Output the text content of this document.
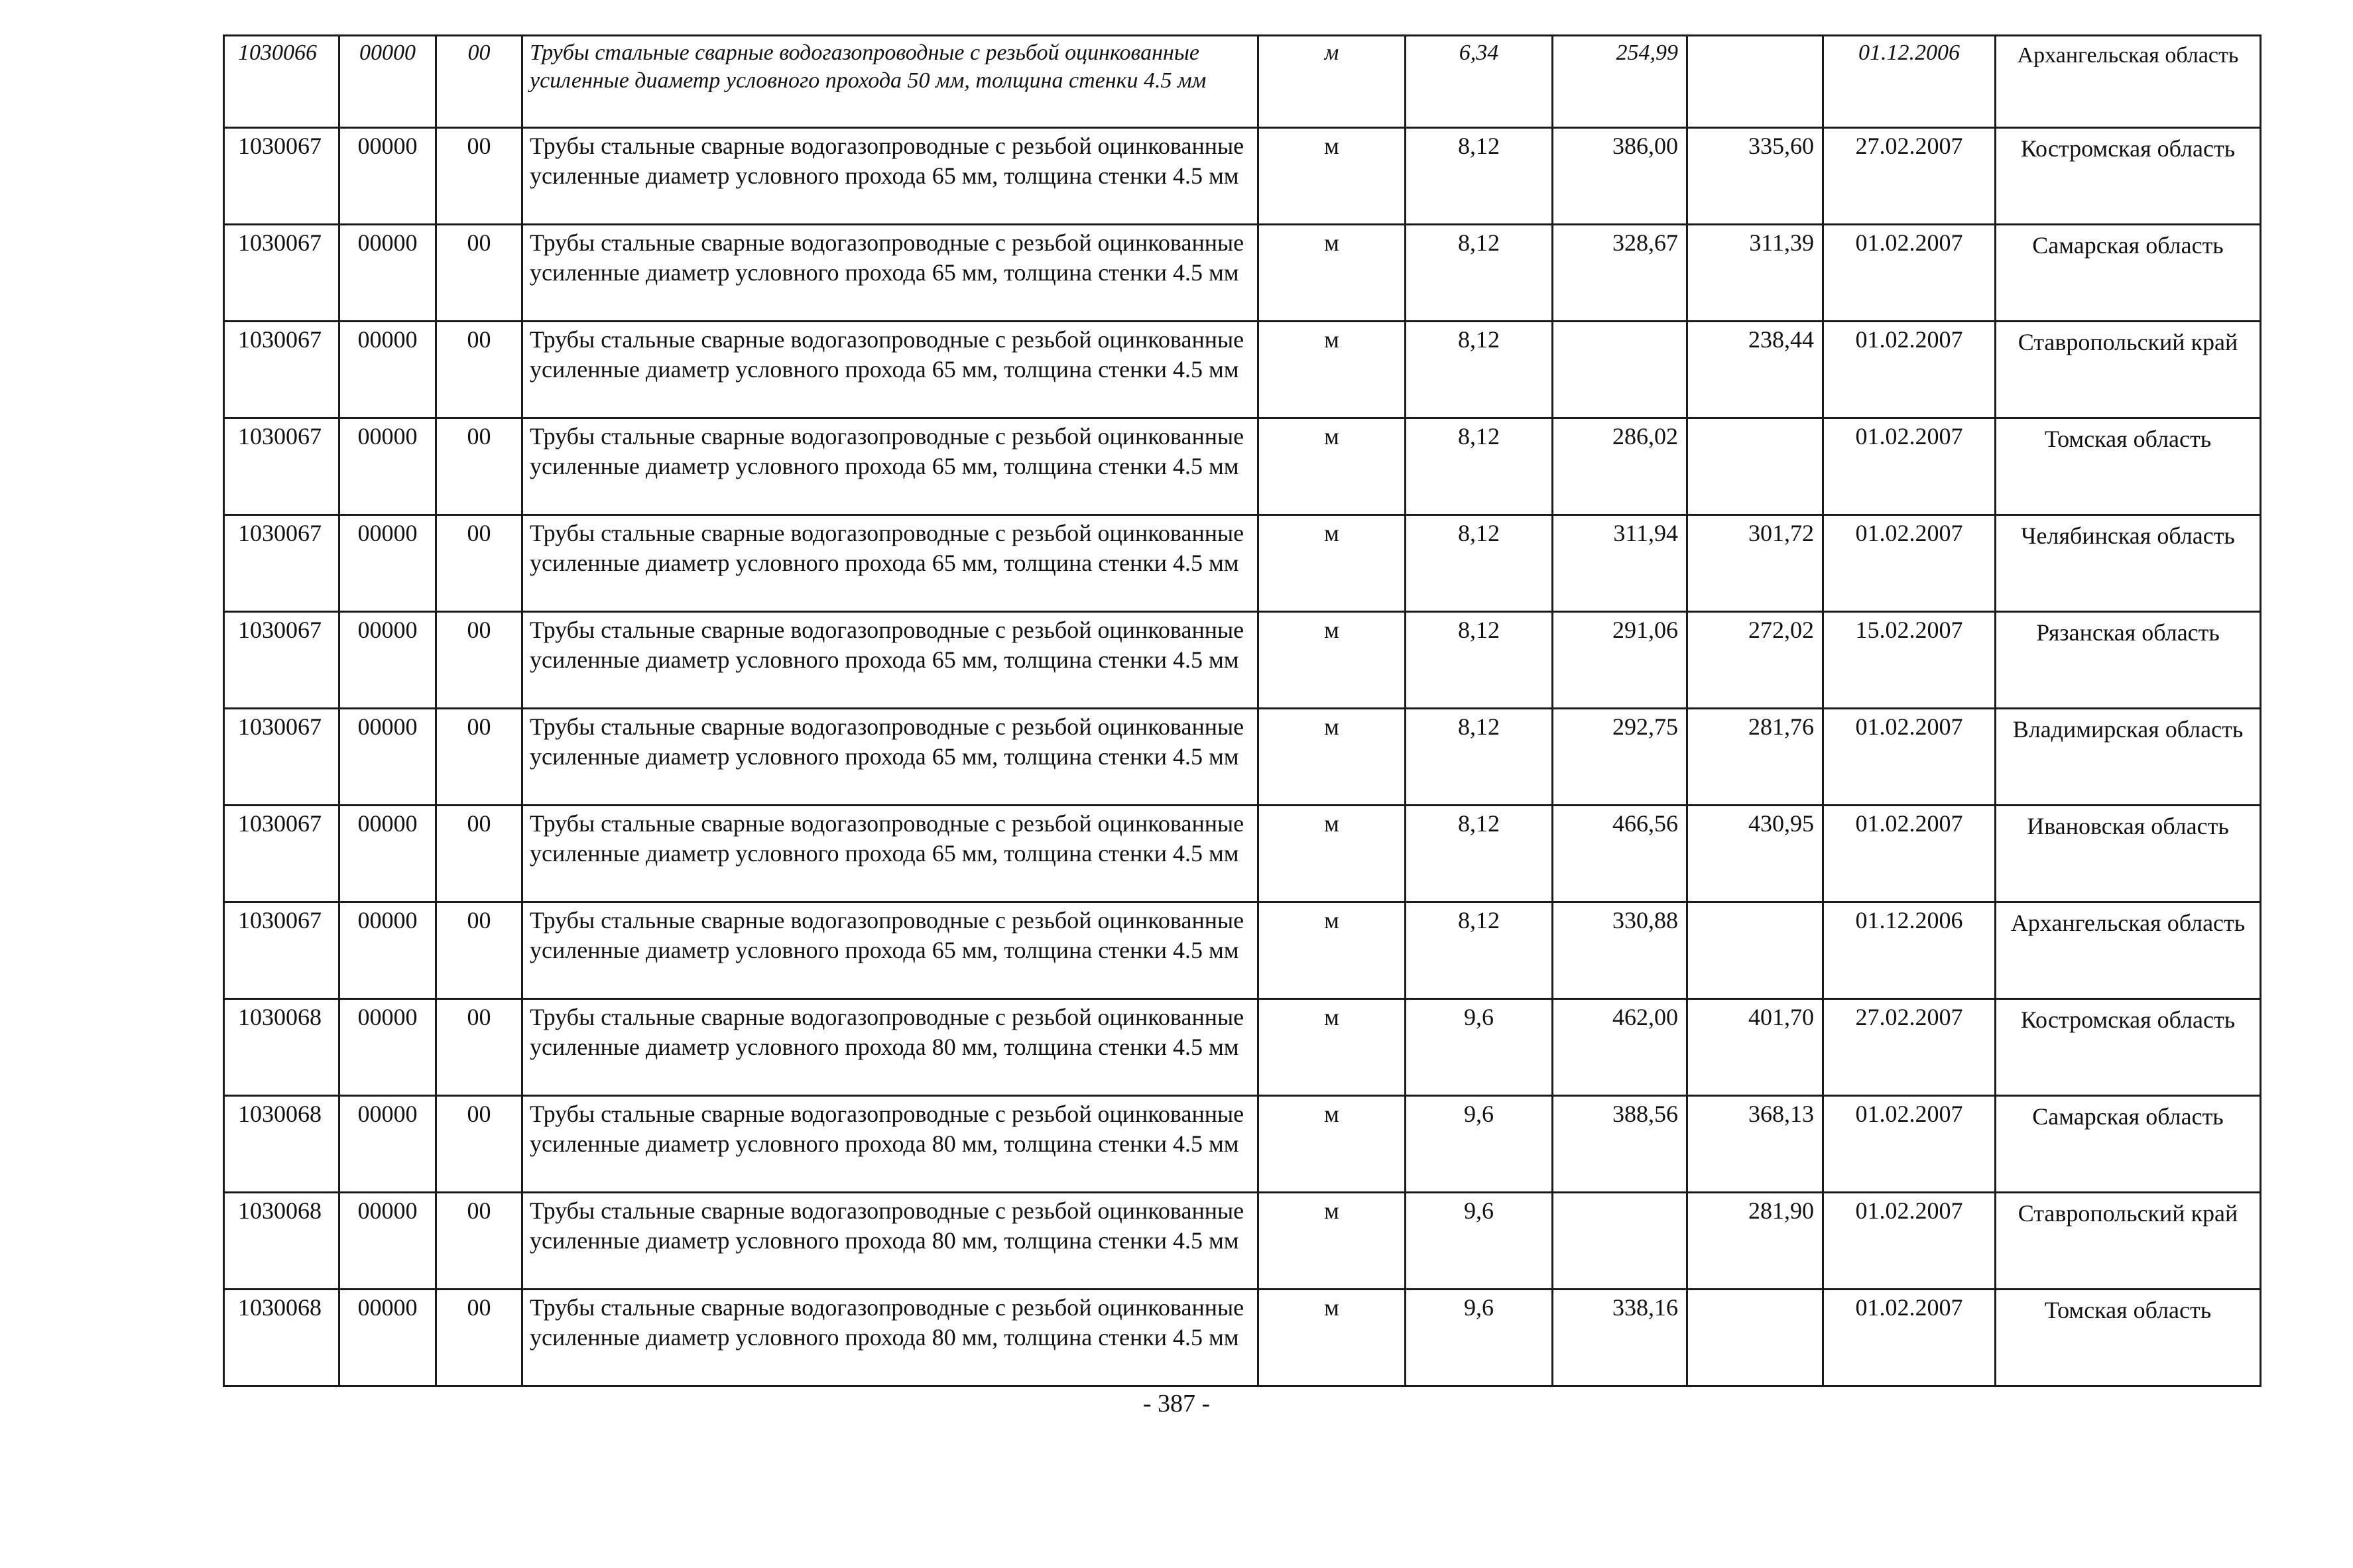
1030066	00000	00	Трубы стальные сварные водогазопроводные с резьбой оцинкованные усиленные диаметр условного прохода 50 мм, толщина стенки 4.5 мм	м	6,34	254,99		01.12.2006	Архангельская область
1030067	00000	00	Трубы стальные сварные водогазопроводные с резьбой оцинкованные усиленные диаметр условного прохода 65 мм, толщина стенки 4.5 мм	м	8,12	386,00	335,60	27.02.2007	Костромская область
1030067	00000	00	Трубы стальные сварные водогазопроводные с резьбой оцинкованные усиленные диаметр условного прохода 65 мм, толщина стенки 4.5 мм	м	8,12	328,67	311,39	01.02.2007	Самарская область
1030067	00000	00	Трубы стальные сварные водогазопроводные с резьбой оцинкованные усиленные диаметр условного прохода 65 мм, толщина стенки 4.5 мм	м	8,12		238,44	01.02.2007	Ставропольский край
1030067	00000	00	Трубы стальные сварные водогазопроводные с резьбой оцинкованные усиленные диаметр условного прохода 65 мм, толщина стенки 4.5 мм	м	8,12	286,02		01.02.2007	Томская область
1030067	00000	00	Трубы стальные сварные водогазопроводные с резьбой оцинкованные усиленные диаметр условного прохода 65 мм, толщина стенки 4.5 мм	м	8,12	311,94	301,72	01.02.2007	Челябинская область
1030067	00000	00	Трубы стальные сварные водогазопроводные с резьбой оцинкованные усиленные диаметр условного прохода 65 мм, толщина стенки 4.5 мм	м	8,12	291,06	272,02	15.02.2007	Рязанская область
1030067	00000	00	Трубы стальные сварные водогазопроводные с резьбой оцинкованные усиленные диаметр условного прохода 65 мм, толщина стенки 4.5 мм	м	8,12	292,75	281,76	01.02.2007	Владимирская область
1030067	00000	00	Трубы стальные сварные водогазопроводные с резьбой оцинкованные усиленные диаметр условного прохода 65 мм, толщина стенки 4.5 мм	м	8,12	466,56	430,95	01.02.2007	Ивановская область
1030067	00000	00	Трубы стальные сварные водогазопроводные с резьбой оцинкованные усиленные диаметр условного прохода 65 мм, толщина стенки 4.5 мм	м	8,12	330,88		01.12.2006	Архангельская область
1030068	00000	00	Трубы стальные сварные водогазопроводные с резьбой оцинкованные усиленные диаметр условного прохода 80 мм, толщина стенки 4.5 мм	м	9,6	462,00	401,70	27.02.2007	Костромская область
1030068	00000	00	Трубы стальные сварные водогазопроводные с резьбой оцинкованные усиленные диаметр условного прохода 80 мм, толщина стенки 4.5 мм	м	9,6	388,56	368,13	01.02.2007	Самарская область
1030068	00000	00	Трубы стальные сварные водогазопроводные с резьбой оцинкованные усиленные диаметр условного прохода 80 мм, толщина стенки 4.5 мм	м	9,6		281,90	01.02.2007	Ставропольский край
1030068	00000	00	Трубы стальные сварные водогазопроводные с резьбой оцинкованные усиленные диаметр условного прохода 80 мм, толщина стенки 4.5 мм	м	9,6	338,16		01.02.2007	Томская область
- 387 -
